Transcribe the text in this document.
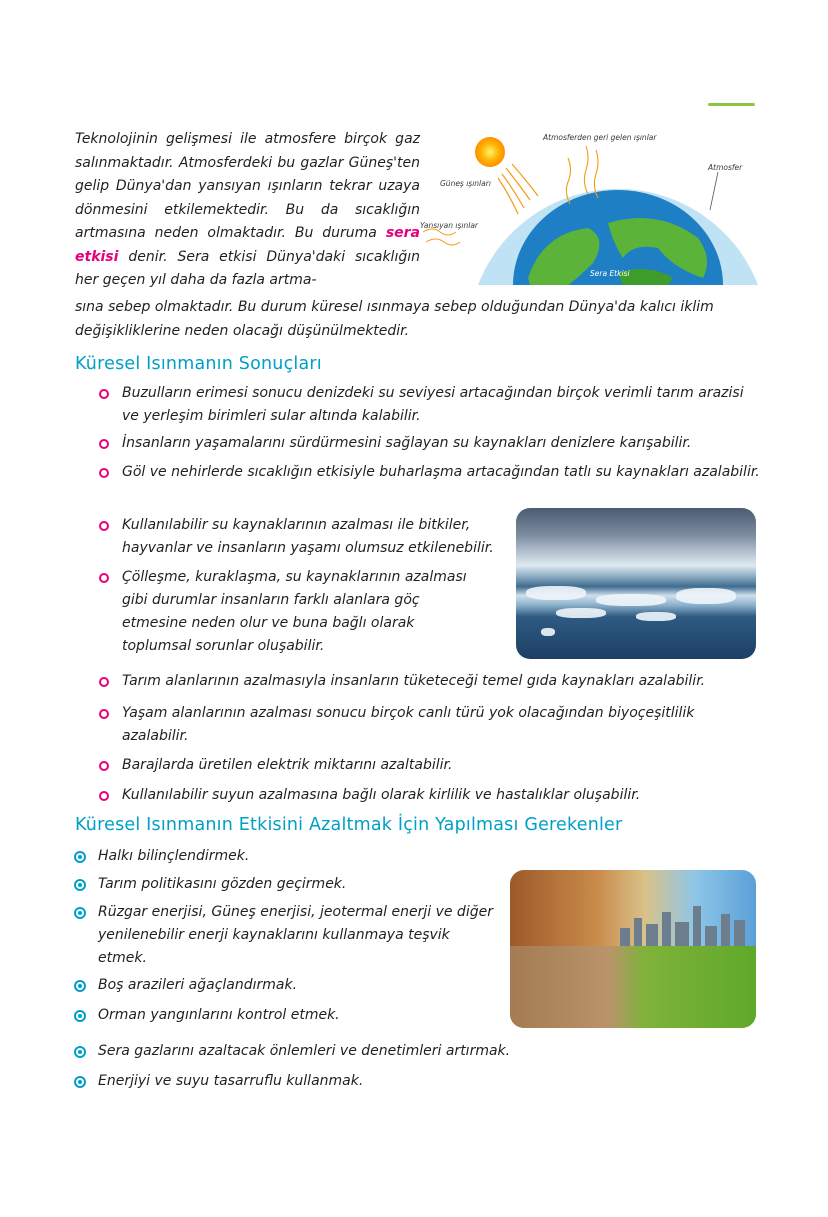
Teknolojinin gelişmesi ile atmosfere birçok gaz salınmaktadır. Atmosferdeki bu gazlar Güneş'ten gelip Dünya'dan yansıyan ışınların tekrar uzaya dönmesini etkilemektedir. Bu da sıcaklığın artmasına neden olmaktadır. Bu duruma sera etkisi denir. Sera etkisi Dünya'daki sıcaklığın her geçen yıl daha da fazla artma-

Atmosferden geri gelen ışınlar
Atmosfer
Güneş ışınları
Yansıyan ışınlar
Sera Etkisi

sına sebep olmaktadır. Bu durum küresel ısınmaya sebep olduğundan Dünya'da kalıcı iklim değişikliklerine neden olacağı düşünülmektedir.

Küresel Isınmanın Sonuçları
Buzulların erimesi sonucu denizdeki su seviyesi artacağından birçok verimli tarım arazisi ve yerleşim birimleri sular altında kalabilir.
İnsanların yaşamalarını sürdürmesini sağlayan su kaynakları denizlere karışabilir.
Göl ve nehirlerde sıcaklığın etkisiyle buharlaşma artacağından tatlı su kaynakları azalabilir.
Kullanılabilir su kaynaklarının azalması ile bitkiler, hayvanlar ve insanların yaşamı olumsuz etkilenebilir.
Çölleşme, kuraklaşma, su kaynaklarının azalması gibi durumlar insanların farklı alanlara göç etmesine neden olur ve buna bağlı olarak toplumsal sorunlar oluşabilir.
Tarım alanlarının azalmasıyla insanların tüketeceği temel gıda kaynakları azalabilir.
Yaşam alanlarının azalması sonucu birçok canlı türü yok olacağından biyoçeşitlilik azalabilir.
Barajlarda üretilen elektrik miktarını azaltabilir.
Kullanılabilir suyun azalmasına bağlı olarak kirlilik ve hastalıklar oluşabilir.
Küresel Isınmanın Etkisini Azaltmak İçin Yapılması Gerekenler
Halkı bilinçlendirmek.
Tarım politikasını gözden geçirmek.
Rüzgar enerjisi, Güneş enerjisi, jeotermal enerji ve diğer yenilenebilir enerji kaynaklarını kullanmaya teşvik etmek.
Boş arazileri ağaçlandırmak.
Orman yangınlarını kontrol etmek.
Sera gazlarını azaltacak önlemleri ve denetimleri artırmak.
Enerjiyi ve suyu tasarruflu kullanmak.
